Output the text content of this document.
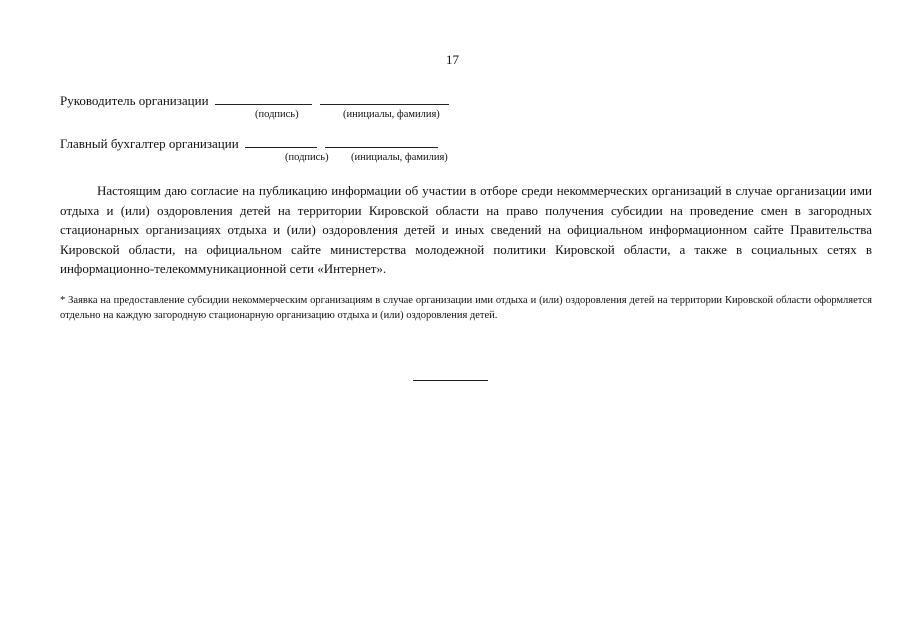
17
Руководитель организации
(подпись)	(инициалы, фамилия)
Главный бухгалтер организации
(подпись) (инициалы, фамилия)

Настоящим даю согласие на публикацию информации об участии в отборе среди некоммерческих организаций в случае организации ими отдыха и (или) оздоровления детей на территории Кировской области на право получения субсидии на проведение смен в загородных стационарных организациях отдыха и (или) оздоровления детей и иных сведений на официальном информационном сайте Правительства Кировской области, на официальном сайте министерства молодежной политики Кировской области, а также в социальных сетях в информационно-телекоммуникационной сети «Интернет».

* Заявка на предоставление субсидии некоммерческим организациям в случае организации ими отдыха и (или) оздоровления детей на территории Кировской области оформляется отдельно на каждую загородную стационарную организацию отдыха и (или) оздоровления детей.
